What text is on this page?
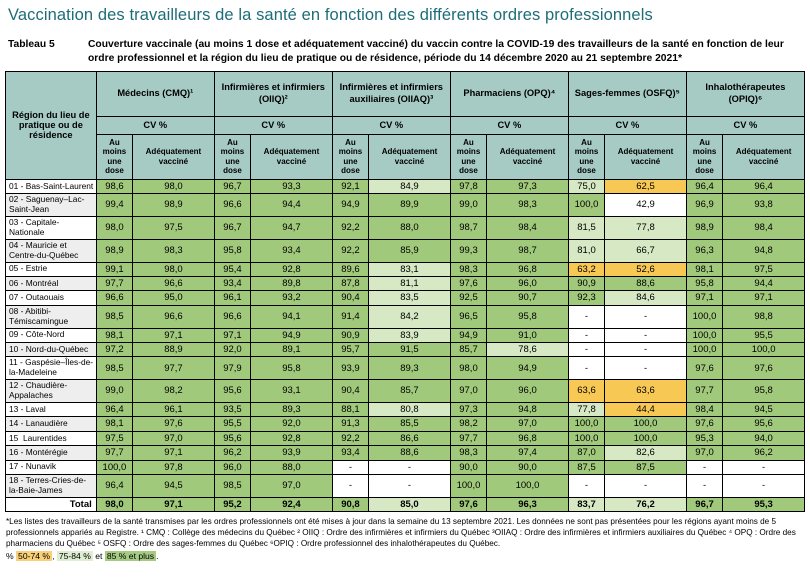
Vaccination des travailleurs de la santé en fonction des différents ordres professionnels
Tableau 5	Couverture vaccinale (au moins 1 dose et adéquatement vacciné) du vaccin contre la COVID-19 des travailleurs de la santé en fonction de leur ordre professionnel et la région du lieu de pratique ou de résidence, période du 14 décembre 2020 au 21 septembre 2021*
Région du lieu de pratique ou de résidence	Médecins (CMQ)¹		Infirmières et infirmiers (OIIQ)²		Infirmières et infirmiers auxiliaires (OIIAQ)³		Pharmaciens (OPQ)⁴		Sages-femmes (OSFQ)⁵		Inhalothérapeutes (OPIQ)⁶	
	CV %		CV %		CV %		CV %		CV %		CV %	
	Au moins une dose	Adéquatement vacciné	Au moins une dose	Adéquatement vacciné	Au moins une dose	Adéquatement vacciné	Au moins une dose	Adéquatement vacciné	Au moins une dose	Adéquatement vacciné	Au moins une dose	Adéquatement vacciné
01 - Bas-Saint-Laurent	98,6	98,0	96,7	93,3	92,1	84,9	97,8	97,3	75,0	62,5	96,4	96,4
02 - Saguenay–Lac-Saint-Jean	99,4	98,9	96,6	94,4	94,9	89,9	99,0	98,3	100,0	42,9	96,9	93,8
03 - Capitale-Nationale	98,0	97,5	96,7	94,7	92,2	88,0	98,7	98,4	81,5	77,8	98,9	98,4
04 - Mauricie et Centre-du-Québec	98,9	98,3	95,8	93,4	92,2	85,9	99,3	98,7	81,0	66,7	96,3	94,8
05 - Estrie	99,1	98,0	95,4	92,8	89,6	83,1	98,3	96,8	63,2	52,6	98,1	97,5
06 - Montréal	97,7	96,6	93,4	89,8	87,8	81,1	97,6	96,0	90,9	88,6	95,8	94,4
07 - Outaouais	96,6	95,0	96,1	93,2	90,4	83,5	92,5	90,7	92,3	84,6	97,1	97,1
08 - Abitibi-Témiscamingue	98,5	96,6	96,6	94,1	91,4	84,2	96,5	95,8	-	-	100,0	98,8
09 - Côte-Nord	98,1	97,1	97,1	94,9	90,9	83,9	94,9	91,0	-	-	100,0	95,5
10 - Nord-du-Québec	97,2	88,9	92,0	89,1	95,7	91,5	85,7	78,6	-	-	100,0	100,0
11 - Gaspésie–Îles-de-la-Madeleine	98,5	97,7	97,9	95,8	93,9	89,3	98,0	94,9	-	-	97,6	97,6
12 - Chaudière-Appalaches	99,0	98,2	95,6	93,1	90,4	85,7	97,0	96,0	63,6	63,6	97,7	95,8
13 - Laval	96,4	96,1	93,5	89,3	88,1	80,8	97,3	94,8	77,8	44,4	98,4	94,5
14 - Lanaudière	98,1	97,6	95,5	92,0	91,3	85,5	98,2	97,0	100,0	100,0	97,6	95,6
15  Laurentides	97,5	97,0	95,6	92,8	92,2	86,6	97,7	96,8	100,0	100,0	95,3	94,0
16 - Montérégie	97,7	97,1	96,2	93,9	93,4	88,6	98,3	97,4	87,0	82,6	97,0	96,2
17 - Nunavik	100,0	97,8	96,0	88,0	-	-	90,0	90,0	87,5	87,5	-	-
18 - Terres-Cries-de-la-Baie-James	96,4	94,5	98,5	97,0	-	-	100,0	100,0	-	-	-	-
Total	98,0	97,1	95,2	92,4	90,8	85,0	97,6	96,3	83,7	76,2	96,7	95,3
*Les listes des travailleurs de la santé transmises par les ordres professionnels ont été mises à jour dans la semaine du 13 septembre 2021. Les données ne sont pas présentées pour les régions ayant moins de 5 professionnels appariés au Registre. ¹ CMQ : Collège des médecins du Québec ² OIIQ : Ordre des infirmières et infirmiers du Québec ³OIIAQ : Ordre des infirmières et infirmiers auxiliaires du Québec ⁴ OPQ : Ordre des pharmaciens du Québec ⁵ OSFQ : Ordre des sages-femmes du Québec ⁶OPIQ : Ordre professionnel des inhalothérapeutes du Québec.
% 50-74 % , 75-84 % et 85 % et plus .
